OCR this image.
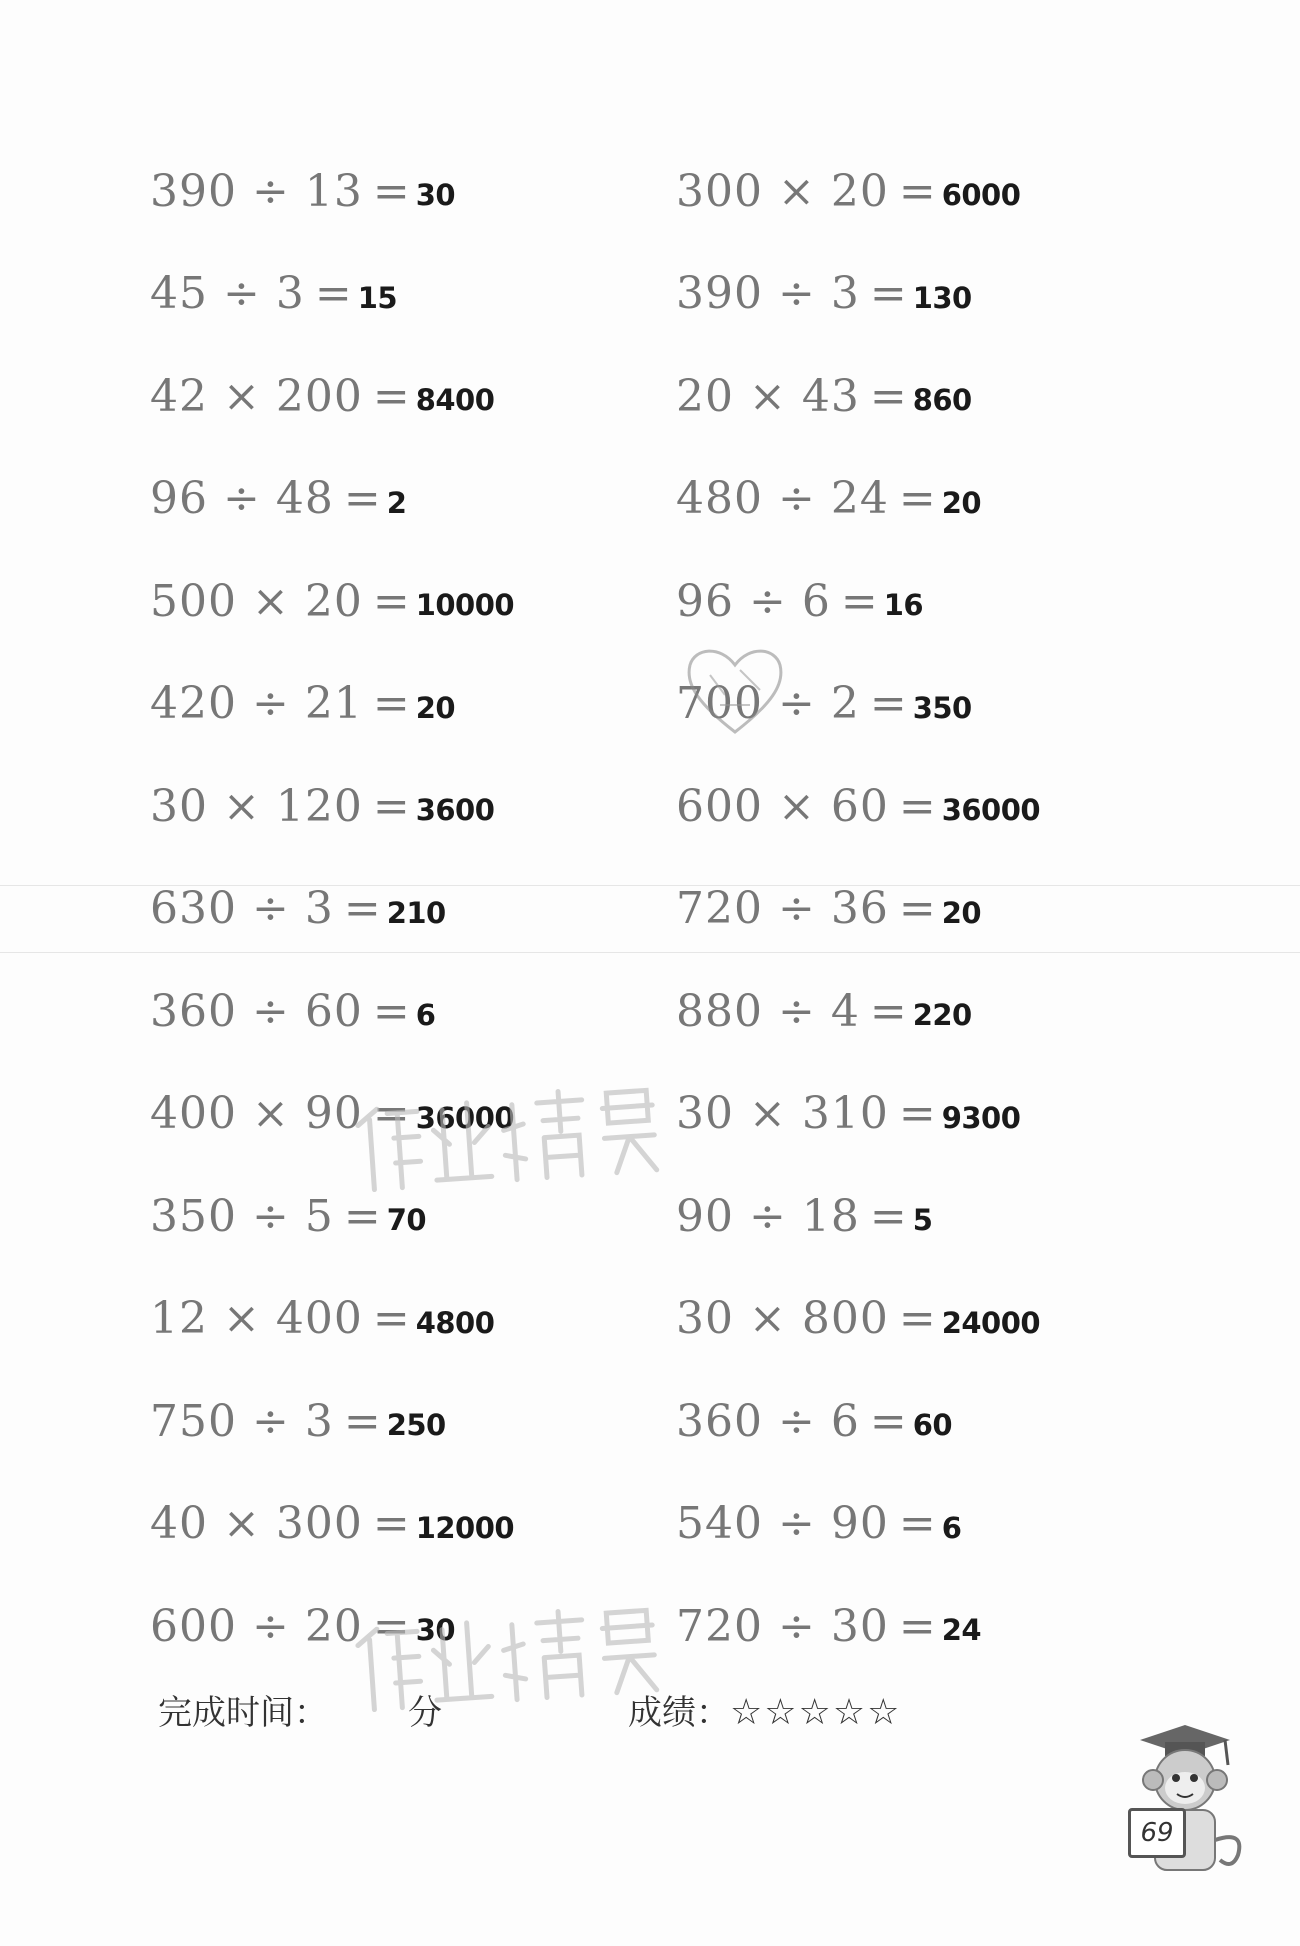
390 ÷ 13 = 30
45 ÷ 3 = 15
42 × 200 = 8400
96 ÷ 48 = 2
500 × 20 = 10000
420 ÷ 21 = 20
30 × 120 = 3600
630 ÷ 3 = 210
360 ÷ 60 = 6
400 × 90 = 36000
350 ÷ 5 = 70
12 × 400 = 4800
750 ÷ 3 = 250
40 × 300 = 12000
600 ÷ 20 = 30
300 × 20 = 6000
390 ÷ 3 = 130
20 × 43 = 860
480 ÷ 24 = 20
96 ÷ 6 = 16
700 ÷ 2 = 350
600 × 60 = 36000
720 ÷ 36 = 20
880 ÷ 4 = 220
30 × 310 = 9300
90 ÷ 18 = 5
30 × 800 = 24000
360 ÷ 6 = 60
540 ÷ 90 = 6
720 ÷ 30 = 24
完成时间： 分	成绩：☆☆☆☆☆
69
